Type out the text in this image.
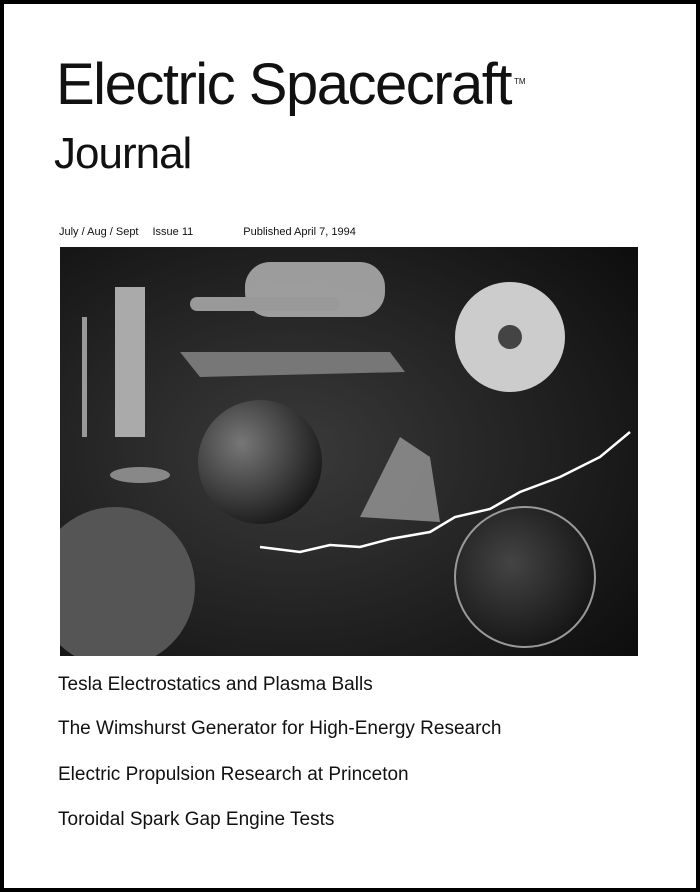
Electric Spacecraft TM
Journal
July / Aug / Sept Issue 11	Published April 7, 1994
Tesla Electrostatics and Plasma Balls
The Wimshurst Generator for High-Energy Research
Electric Propulsion Research at Princeton
Toroidal Spark Gap Engine Tests
